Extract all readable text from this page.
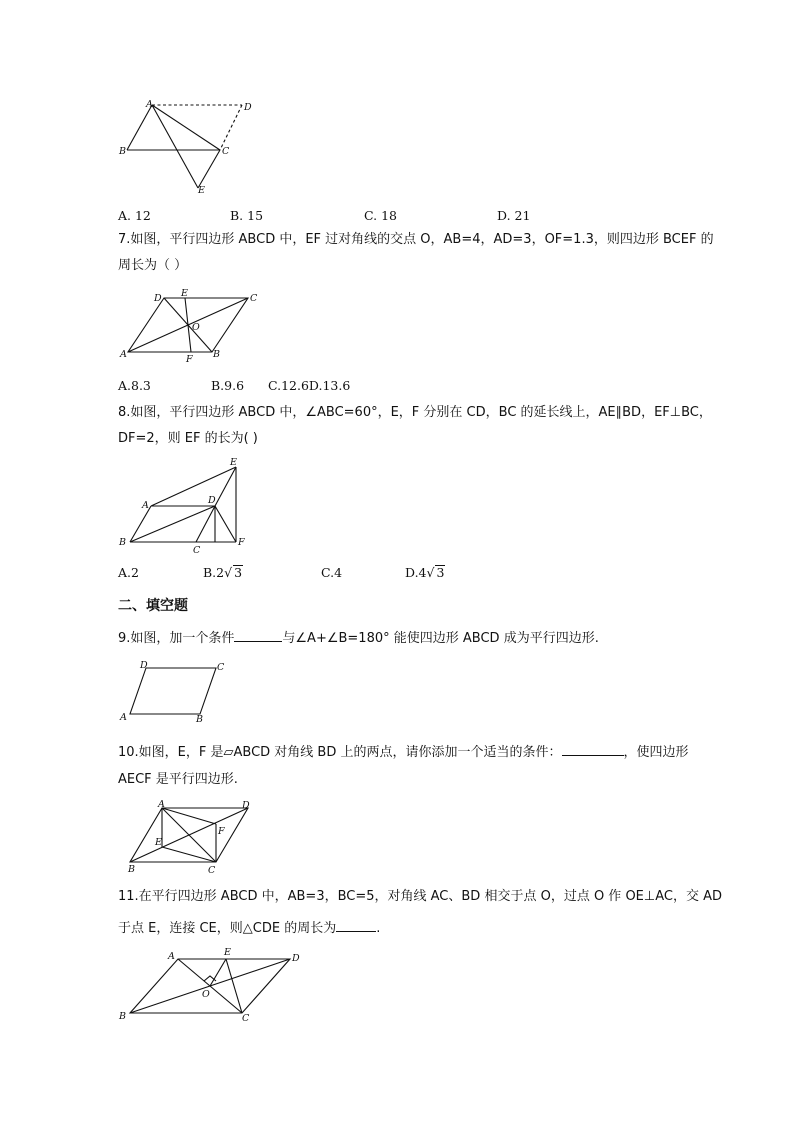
A	D
B	C
E
A. 12	B. 15	C. 18	D. 21
7.如图，平行四边形 ABCD 中，EF 过对角线的交点 O，AB=4，AD=3，OF=1.3，则四边形 BCEF 的
周长为（ ）
D E	C
O
A	F B
A.8.3	B.9.6 C.12.6D.13.6
8.如图，平行四边形 ABCD 中，∠ABC=60°，E，F 分别在 CD，BC 的延长线上，AE∥BD，EF⊥BC，
DF=2，则 EF 的长为( )
E
A	D
B
C
F
A.2	B.2√ 3	C.4	D.4√ 3
二、填空题
9.如图，加一个条件	与∠A+∠B=180° 能使四边形 ABCD 成为平行四边形.
D	C
A	B
10.如图，E，F 是▱ABCD 对角线 BD 上的两点，请你添加一个适当的条件：	，使四边形
AECF 是平行四边形.
A	D
F
E
B	C
11.在平行四边形 ABCD 中，AB=3，BC=5，对角线 AC、BD 相交于点 O，过点 O 作 OE⊥AC，交 AD
于点 E，连接 CE，则△CDE 的周长为	.
A	E
D
O
B	C
